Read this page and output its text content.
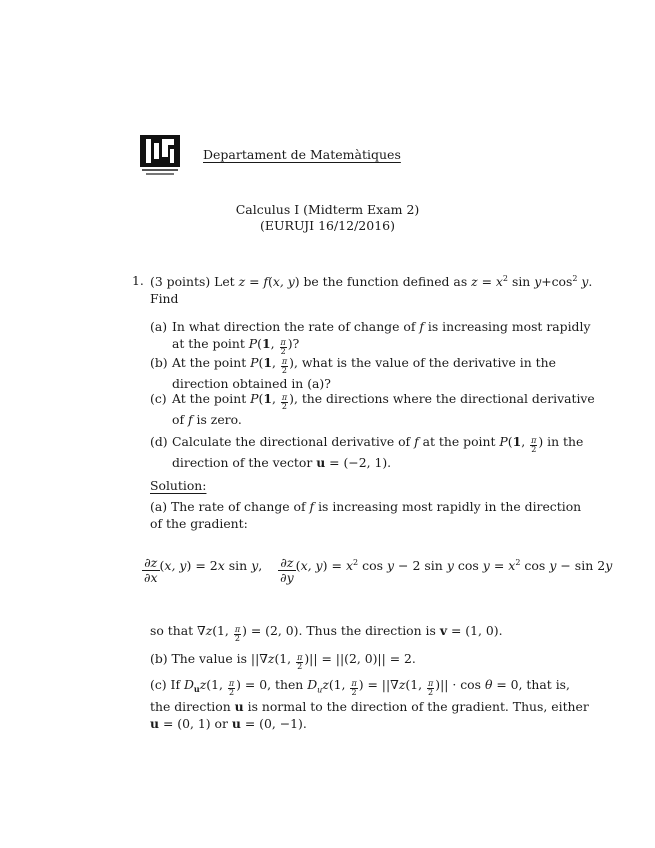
Departament de Matemàtiques
Calculus I (Midterm Exam 2)
(EURUJI 16/12/2016)
1. (3 points) Let z = f(x, y) be the function defined as $z = x^2$ $\sin y+\cos^2$ y.
Find
(a) In what direction the rate of change of f is increasing most rapidly
at the point P(1, $\frac{\pi}{2}$ )?
(b) At the point P(1, $\frac{\pi}{2}$ ), what is the value of the derivative in the
direction obtained in (a)?
(c) At the point P(1, $\frac{\pi}{2}$ ), the directions where the directional derivative
of f is zero.
(d) Calculate the directional derivative of f at the point P(1, $\frac{\pi}{2}$ ) in the
direction of the vector u = (−2, 1).
Solution:
(a) The rate of change of f is increasing most rapidly in the direction
of the gradient:
$\frac{\partial z}{\partial x} (x$, y) = 2x sin y, $\frac{\partial z}{\partial y} (x$, $y) = x^2$ cos y − 2 sin y $\cos y = x^2$ cos y − sin 2y
so that ∇z(1, $\frac{\pi}{2}$ ) = (2, 0). Thus the direction is v = (1, 0).
(b) The value is ||∇z(1, $\frac{\pi}{2}$ )|| = ||(2, 0)|| = 2.
(c) If $D_uz(1$, $\frac{\pi}{2}$ ) = 0, then $D_uz(1$, $\frac{\pi}{2}$ ) = ||∇z(1, $\frac{\pi}{2}$ )|| · cos θ = 0, that is,
the direction u is normal to the direction of the gradient. Thus, either
u = (0, 1) or u = (0, −1).
